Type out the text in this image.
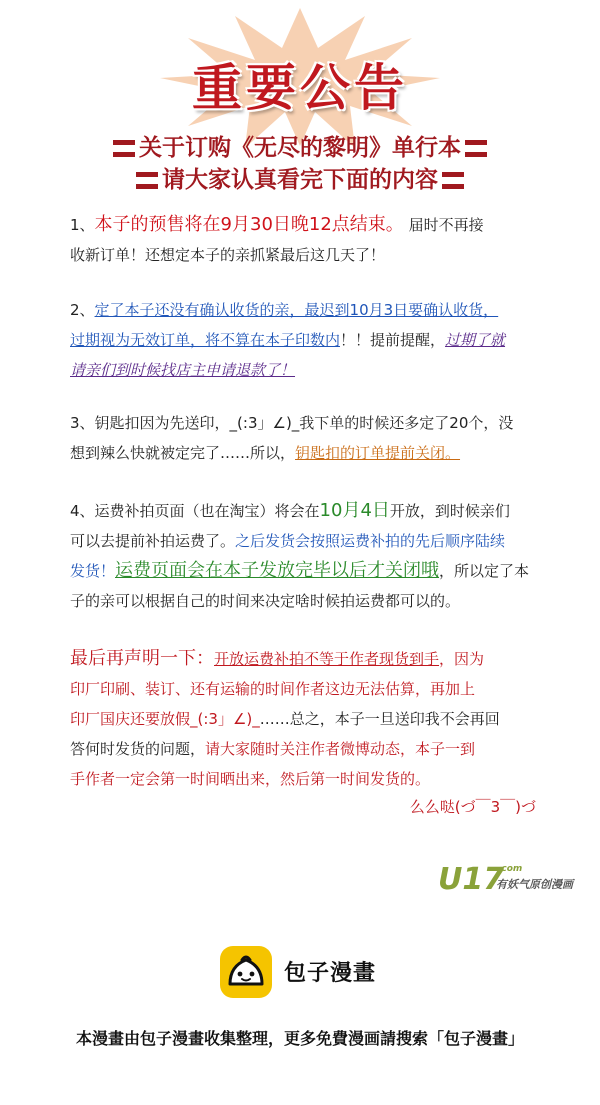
重要公告
关于订购《无尽的黎明》单行本
请大家认真看完下面的内容
1、本子的预售将在9月30日晚12点结束。 届时不再接
收新订单！还想定本子的亲抓紧最后这几天了！
2、定了本子还没有确认收货的亲，最迟到10月3日要确认收货，
过期视为无效订单，将不算在本子印数内！！提前提醒，过期了就
请亲们到时候找店主申请退款了！
3、钥匙扣因为先送印，_(:3」∠)_我下单的时候还多定了20个，没
想到辣么快就被定完了……所以，钥匙扣的订单提前关闭。
4、运费补拍页面（也在淘宝）将会在10月4日开放，到时候亲们
可以去提前补拍运费了。之后发货会按照运费补拍的先后顺序陆续
发货！运费页面会在本子发放完毕以后才关闭哦，所以定了本
子的亲可以根据自己的时间来决定啥时候拍运费都可以的。
最后再声明一下：开放运费补拍不等于作者现货到手，因为
印厂印刷、装订、还有运输的时间作者这边无法估算，再加上
印厂国庆还要放假_(:3」∠)_……总之，本子一旦送印我不会再回
答何时发货的问题，请大家随时关注作者微博动态，本子一到
手作者一定会第一时间晒出来，然后第一时间发货的。
么么哒(づ￣3￣)づ
U17
.com
有妖气原创漫画
包子漫畫
本漫畫由包子漫畫收集整理，更多免費漫画請搜索「包子漫畫」
